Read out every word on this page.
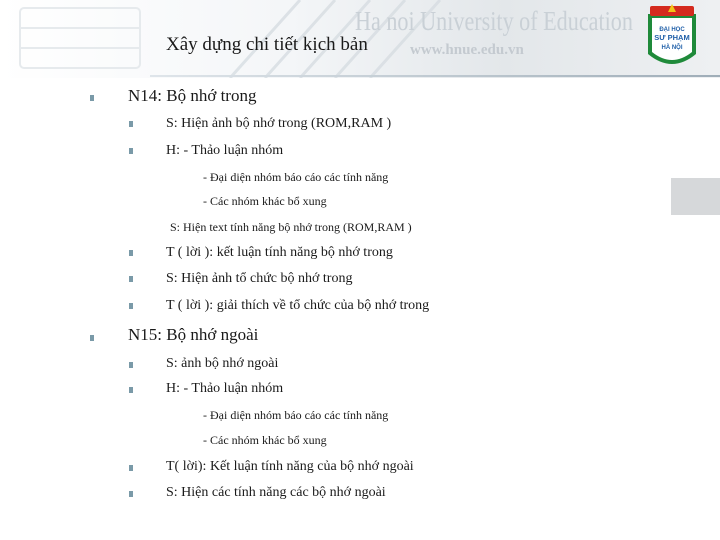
Ha noi University of Education
www.hnue.edu.vn
Xây dựng chi tiết kịch bản
ĐẠI HỌC
SƯ PHẠM
HÀ NỘI
N14: Bộ nhớ trong
S: Hiện ảnh bộ nhớ trong (ROM,RAM )
H: - Thảo luận nhóm
- Đại diện nhóm báo cáo các tính năng
- Các nhóm khác bổ xung
S: Hiện text tính năng bộ nhớ trong (ROM,RAM )
T ( lời ): kết luận tính năng bộ nhớ trong
S: Hiện ảnh tổ chức bộ nhớ trong
T ( lời ): giải thích về tổ chức của bộ nhớ trong
N15: Bộ nhớ ngoài
S: ảnh bộ nhớ ngoài
H: - Thảo luận nhóm
- Đại diện nhóm báo cáo các tính năng
- Các nhóm khác bổ xung
T( lời): Kết luận tính năng của bộ nhớ ngoài
S: Hiện các tính năng các bộ nhớ ngoài
